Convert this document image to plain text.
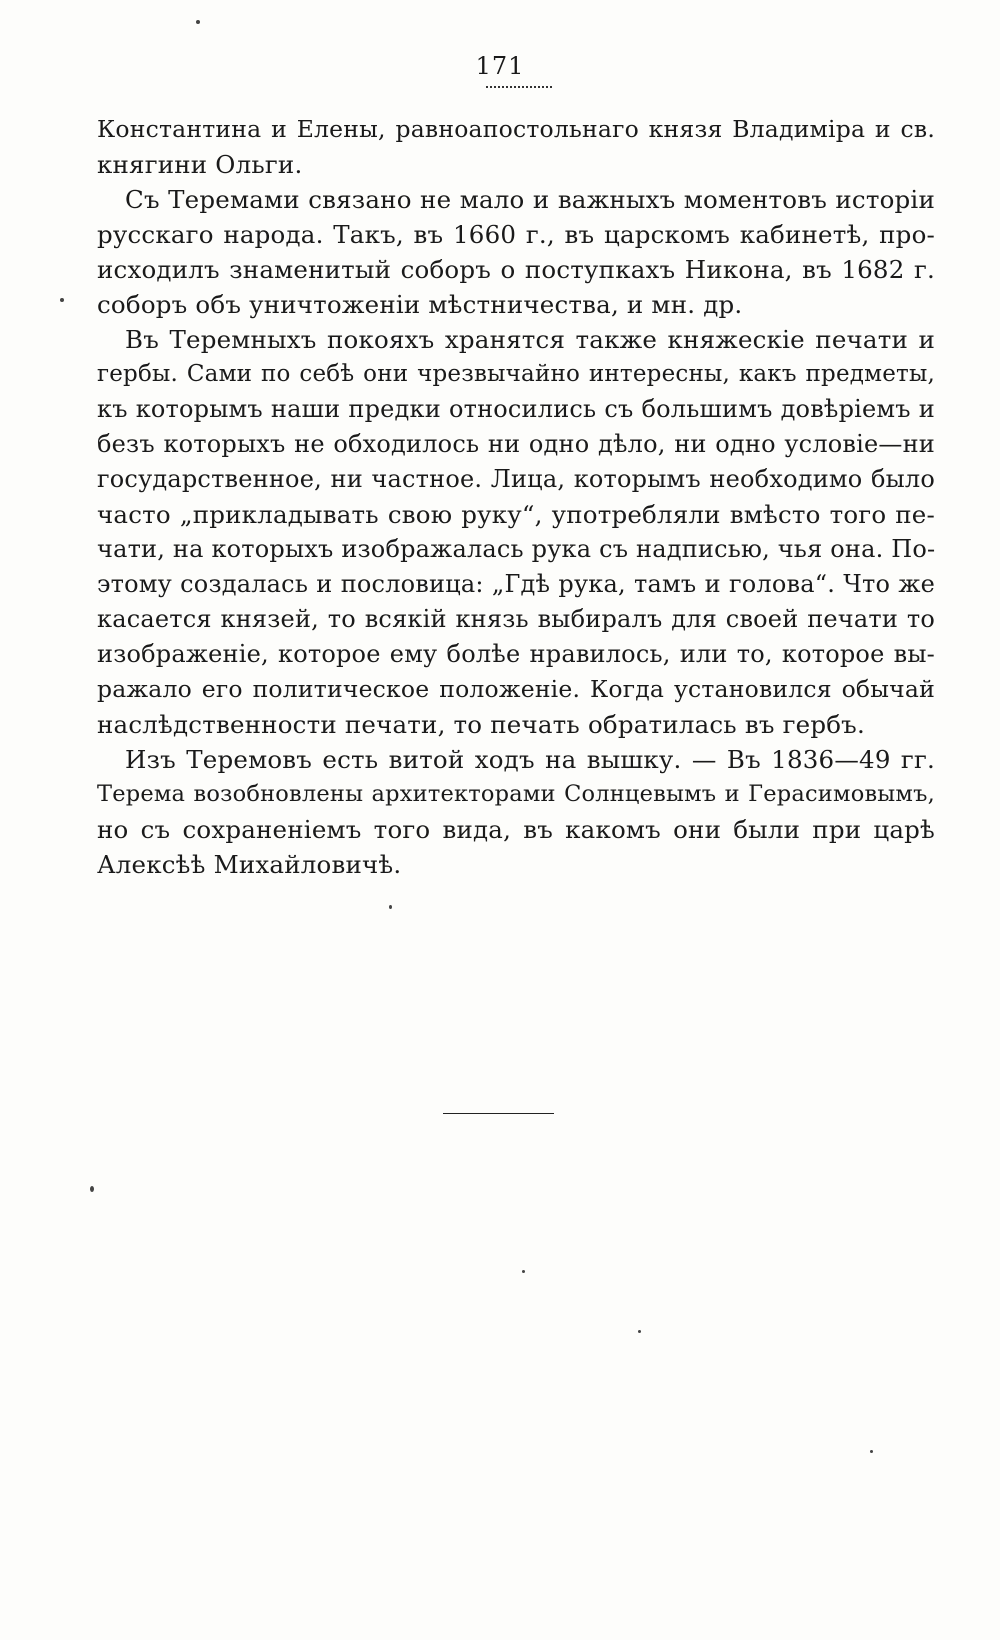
171
Константина и Елены, равноапостольнаго князя Владиміра и св.
княгини Ольги.
Съ Теремами связано не мало и важныхъ моментовъ исторіи
русскаго народа. Такъ, въ 1660 г., въ царскомъ кабинетѣ, про-
исходилъ знаменитый соборъ о поступкахъ Никона, въ 1682 г.
соборъ объ уничтоженіи мѣстничества, и мн. др.
Въ Теремныхъ покояхъ хранятся также княжескіе печати и
гербы. Сами по себѣ они чрезвычайно интересны, какъ предметы,
къ которымъ наши предки относились съ большимъ довѣріемъ и
безъ которыхъ не обходилось ни одно дѣло, ни одно условіе—ни
государственное, ни частное. Лица, которымъ необходимо было
часто „прикладывать свою руку“, употребляли вмѣсто того пе-
чати, на которыхъ изображалась рука съ надписью, чья она. По-
этому создалась и пословица: „Гдѣ рука, тамъ и голова“. Что же
касается князей, то всякій князь выбиралъ для своей печати то
изображеніе, которое ему болѣе нравилось, или то, которое вы-
ражало его политическое положеніе. Когда установился обычай
наслѣдственности печати, то печать обратилась въ гербъ.
Изъ Теремовъ есть витой ходъ на вышку. — Въ 1836—49 гг.
Терема возобновлены архитекторами Солнцевымъ и Герасимовымъ,
но съ сохраненіемъ того вида, въ какомъ они были при царѣ
Алексѣѣ Михайловичѣ.
